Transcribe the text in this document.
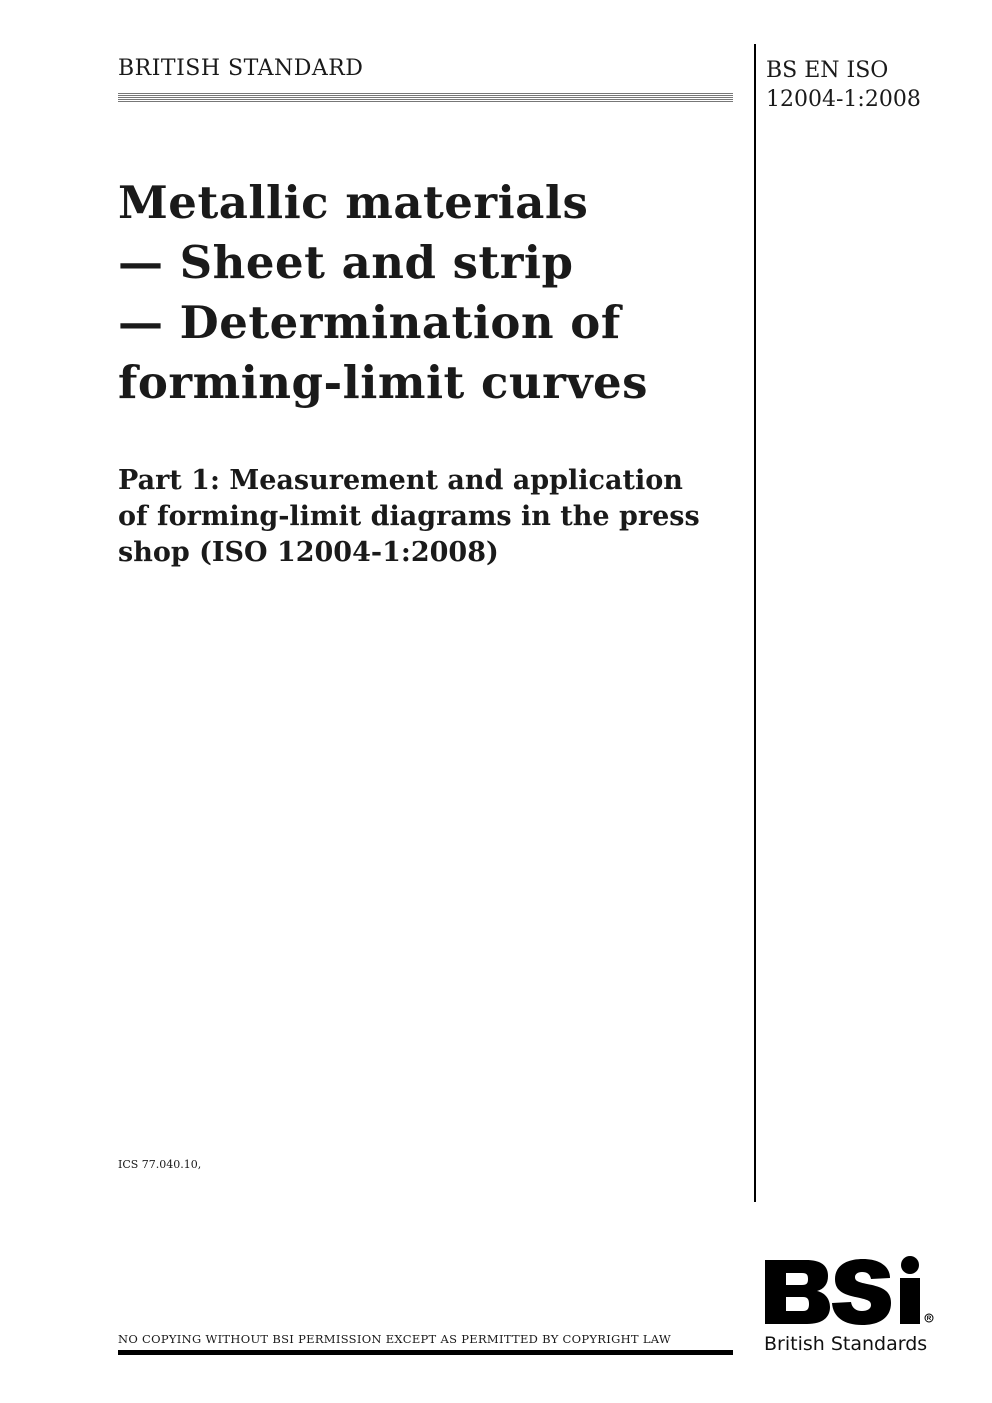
BRITISH STANDARD	BS EN ISO
12004-1:2008
Metallic materials
— Sheet and strip
— Determination of
forming-limit curves
Part 1: Measurement and application
of forming-limit diagrams in the press
shop (ISO 12004-1:2008)
ICS 77.040.10,
NO COPYING WITHOUT BSI PERMISSION EXCEPT AS PERMITTED BY COPYRIGHT LAW	British Standards
